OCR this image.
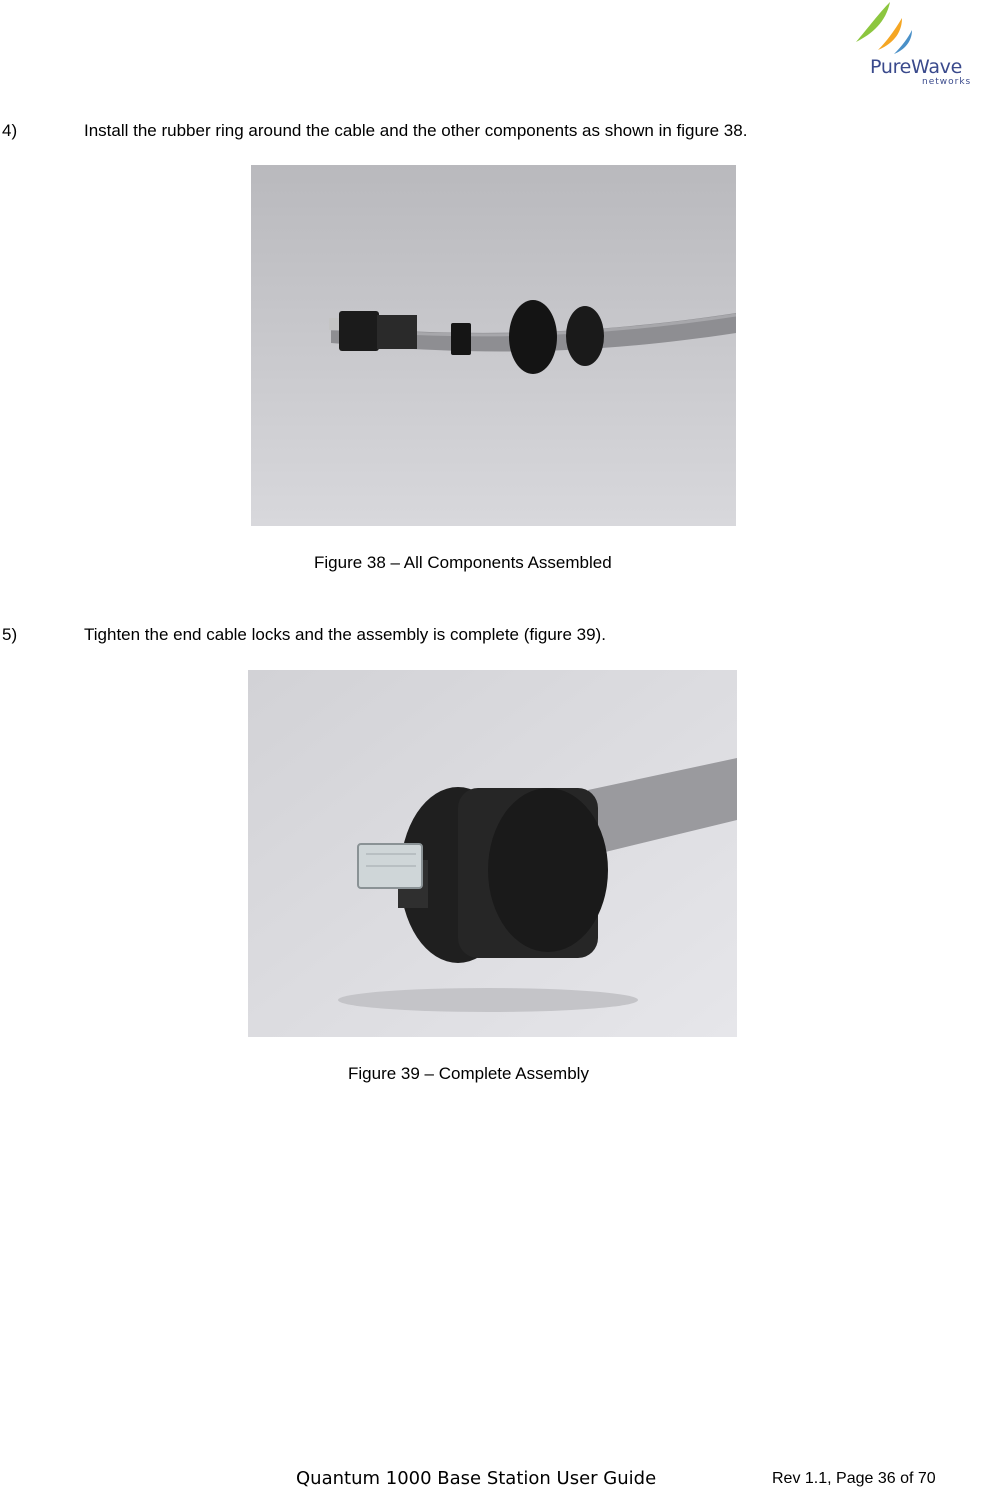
PureWave
networks
4)	Install the rubber ring around the cable and the other components as shown in figure 38.
Figure 38 – All Components Assembled
5)	Tighten the end cable locks and the assembly is complete (figure 39).
Figure 39 – Complete Assembly
Quantum 1000 Base Station User Guide	Rev 1.1, Page 36 of 70
